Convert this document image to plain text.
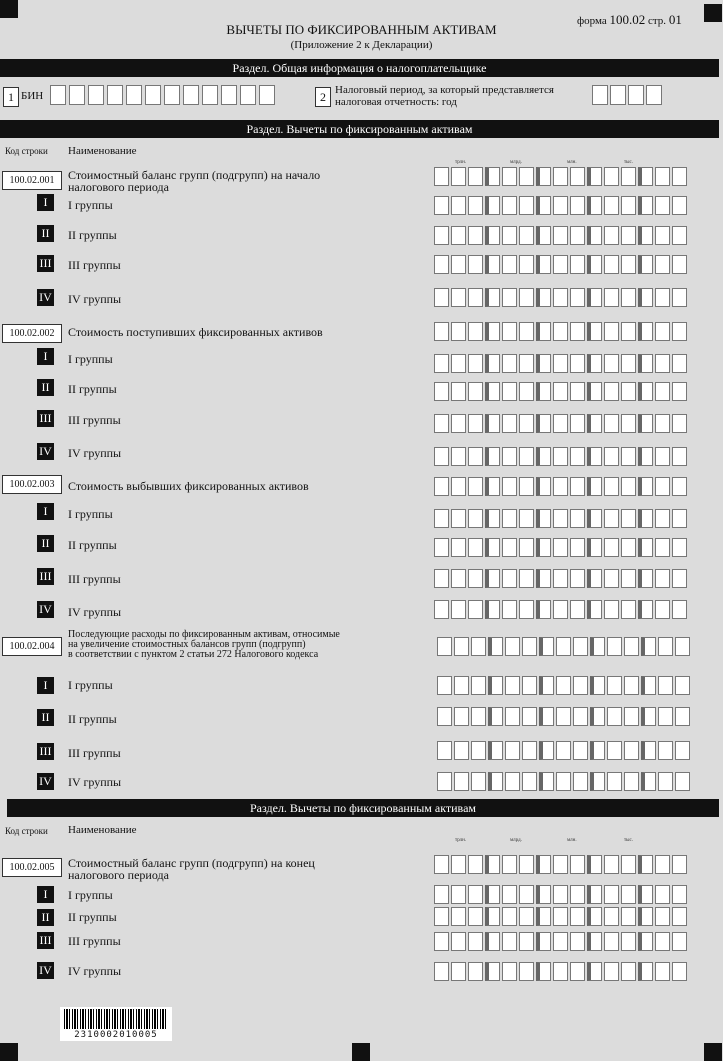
форма 100.02 стр. 01
ВЫЧЕТЫ ПО ФИКСИРОВАННЫМ АКТИВАМ
(Приложение 2 к Декларации)
Раздел. Общая информация о налогоплательщике
1 БИН	2 Налоговый период, за который представляется
налоговая отчетность: год
Раздел. Вычеты по фиксированным активам
Код строки Наименование
трлн.	млрд.	млн.	тыс.
100.02.001	Стоимостный баланс групп (подгрупп) на начало
налогового периода
I	I группы
II	II группы
III III группы
IV IV группы
100.02.002	Стоимость поступивших фиксированных активов
I	I группы
II	II группы
III III группы
IV IV группы
100.02.003	Стоимость выбывших фиксированных активов
I	I группы
II	II группы
III III группы
IV IV группы
100.02.004
Последующие расходы по фиксированным активам, относимые
на увеличение стоимостных балансов групп (подгрупп)
в соответствии с пунктом 2 статьи 272 Налогового кодекса
I	I группы
II	II группы
III III группы
IV IV группы
Раздел. Вычеты по фиксированным активам
Код строки Наименование
трлн.	млрд.	млн.	тыс.
100.02.005	Стоимостный баланс групп (подгрупп) на конец
налогового периода
I	I группы
II	II группы
III III группы
IV IV группы
2310002010005
